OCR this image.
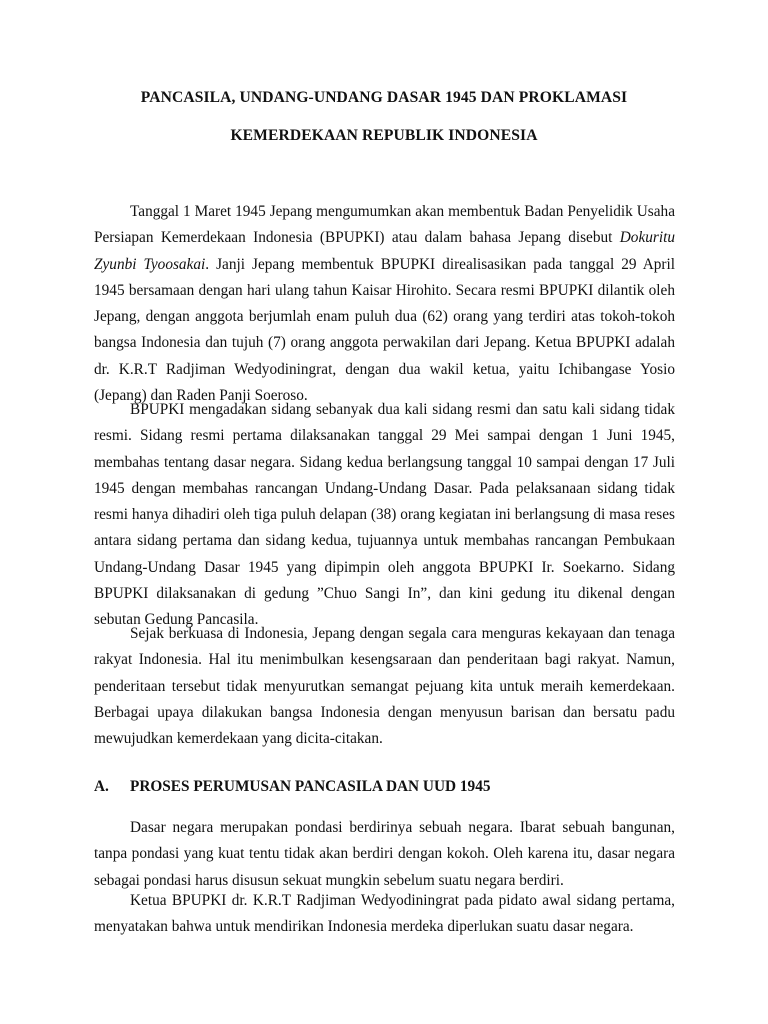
PANCASILA, UNDANG-UNDANG DASAR 1945 DAN PROKLAMASI
KEMERDEKAAN REPUBLIK INDONESIA

Tanggal 1 Maret 1945 Jepang mengumumkan akan membentuk Badan Penyelidik Usaha Persiapan Kemerdekaan Indonesia (BPUPKI) atau dalam bahasa Jepang disebut Dokuritu Zyunbi Tyoosakai. Janji Jepang membentuk BPUPKI direalisasikan pada tanggal 29 April 1945 bersamaan dengan hari ulang tahun Kaisar Hirohito. Secara resmi BPUPKI dilantik oleh Jepang, dengan anggota berjumlah enam puluh dua (62) orang yang terdiri atas tokoh-tokoh bangsa Indonesia dan tujuh (7) orang anggota perwakilan dari Jepang. Ketua BPUPKI adalah dr. K.R.T Radjiman Wedyodiningrat, dengan dua wakil ketua, yaitu Ichibangase Yosio (Jepang) dan Raden Panji Soeroso.

BPUPKI mengadakan sidang sebanyak dua kali sidang resmi dan satu kali sidang tidak resmi. Sidang resmi pertama dilaksanakan tanggal 29 Mei sampai dengan 1 Juni 1945, membahas tentang dasar negara. Sidang kedua berlangsung tanggal 10 sampai dengan 17 Juli 1945 dengan membahas rancangan Undang-Undang Dasar. Pada pelaksanaan sidang tidak resmi hanya dihadiri oleh tiga puluh delapan (38) orang kegiatan ini berlangsung di masa reses antara sidang pertama dan sidang kedua, tujuannya untuk membahas rancangan Pembukaan Undang-Undang Dasar 1945 yang dipimpin oleh anggota BPUPKI Ir. Soekarno. Sidang BPUPKI dilaksanakan di gedung ”Chuo Sangi In”, dan kini gedung itu dikenal dengan sebutan Gedung Pancasila.

Sejak berkuasa di Indonesia, Jepang dengan segala cara menguras kekayaan dan tenaga rakyat Indonesia. Hal itu menimbulkan kesengsaraan dan penderitaan bagi rakyat. Namun, penderitaan tersebut tidak menyurutkan semangat pejuang kita untuk meraih kemerdekaan. Berbagai upaya dilakukan bangsa Indonesia dengan menyusun barisan dan bersatu padu mewujudkan kemerdekaan yang dicita-citakan.

A. PROSES PERUMUSAN PANCASILA DAN UUD 1945

Dasar negara merupakan pondasi berdirinya sebuah negara. Ibarat sebuah bangunan, tanpa pondasi yang kuat tentu tidak akan berdiri dengan kokoh. Oleh karena itu, dasar negara sebagai pondasi harus disusun sekuat mungkin sebelum suatu negara berdiri.

Ketua BPUPKI dr. K.R.T Radjiman Wedyodiningrat pada pidato awal sidang pertama, menyatakan bahwa untuk mendirikan Indonesia merdeka diperlukan suatu dasar negara.
